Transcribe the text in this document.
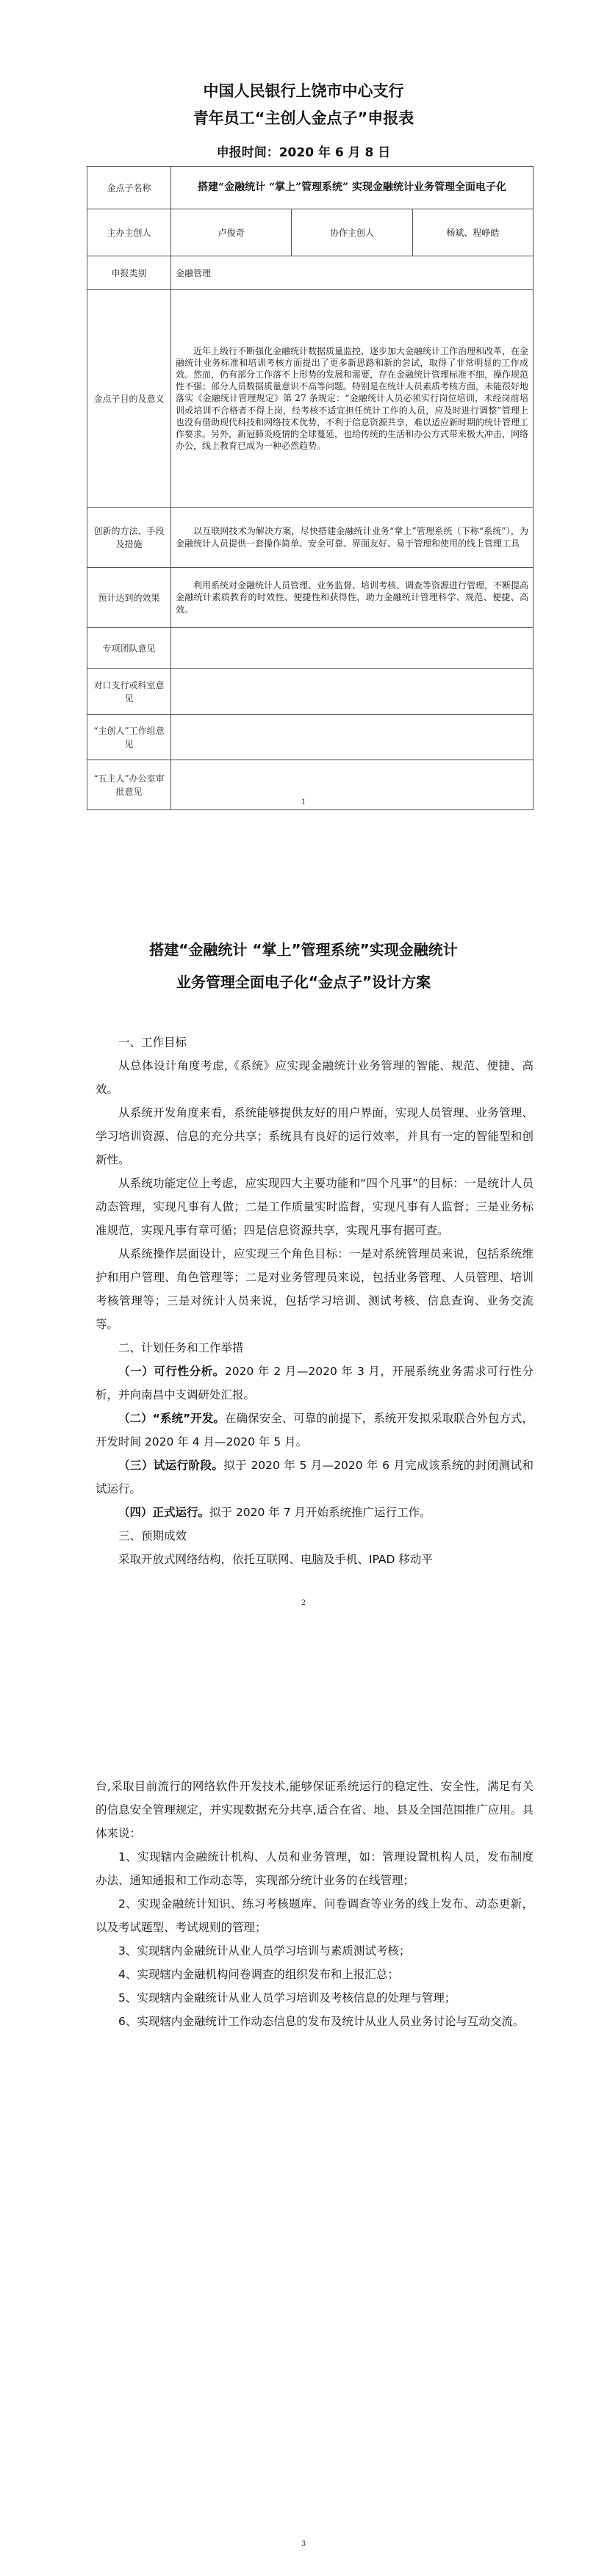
中国人民银行上饶市中心支行
青年员工“主创人金点子”申报表
申报时间：2020 年 6 月 8 日
金点子名称	搭建“金融统计 “掌上”管理系统” 实现金融统计业务管理全面电子化		
主办主创人	卢俊奇	协作主创人	杨斌、程峥皓
申报类别	金融管理		
金点子目的及意义	近年上级行不断强化金融统计数据质量监控，逐步加大金融统计工作治理和改革，在金融统计业务标准和培训考核方面提出了更多新思路和新的尝试，取得了非常明显的工作成效。然而，仍有部分工作落不上形势的发展和需要，存在金融统计管理标准不细，操作规范性不强；部分人员数据质量意识不高等问题。特别是在统计人员素质考核方面，未能很好地落实《金融统计管理规定》第 27 条规定：“金融统计人员必须实行岗位培训，未经岗前培训或培训不合格者不得上岗，经考核不适宜担任统计工作的人员，应及时进行调整”管理上也没有借助现代科技和网络技术优势，不利于信息资源共享，难以适应新时期的统计管理工作要求。另外，新冠肺炎疫情的全球蔓延，也给传统的生活和办公方式带来极大冲击，网络办公，线上教育已成为一种必然趋势。		
创新的方法、手段及措施	以互联网技术为解决方案，尽快搭建金融统计业务“掌上”管理系统（下称“系统”），为金融统计人员提供一套操作简单、安全可靠、界面友好、易于管理和使用的线上管理工具		
预计达到的效果	利用系统对金融统计人员管理、业务监督、培训考核、调查等资源进行管理，不断提高金融统计素质教育的时效性、便捷性和获得性，助力金融统计管理科学、规范、便捷、高效。		
专项团队意见			
对口支行或科室意见			
“主创人”工作组意见			
“五主人”办公室审批意见			
1
搭建“金融统计 “掌上”管理系统”实现金融统计
业务管理全面电子化“金点子”设计方案

一、工作目标

从总体设计角度考虑,《系统》应实现金融统计业务管理的智能、规范、便捷、高效。

从系统开发角度来看，系统能够提供友好的用户界面，实现人员管理、业务管理、学习培训资源、信息的充分共享；系统具有良好的运行效率，并具有一定的智能型和创新性。

从系统功能定位上考虑，应实现四大主要功能和“四个凡事”的目标：一是统计人员动态管理，实现凡事有人做；二是工作质量实时监督，实现凡事有人监督；三是业务标准规范，实现凡事有章可循；四是信息资源共享，实现凡事有据可查。

从系统操作层面设计，应实现三个角色目标：一是对系统管理员来说，包括系统维护和用户管理、角色管理等；二是对业务管理员来说，包括业务管理、人员管理、培训考核管理等；三是对统计人员来说，包括学习培训、测试考核、信息查询、业务交流等。

二、计划任务和工作举措

（一）可行性分析。2020 年 2 月—2020 年 3 月，开展系统业务需求可行性分析，并向南昌中支调研处汇报。

（二）“系统”开发。在确保安全、可靠的前提下，系统开发拟采取联合外包方式，开发时间 2020 年 4 月—2020 年 5 月。

（三）试运行阶段。拟于 2020 年 5 月—2020 年 6 月完成该系统的封闭测试和试运行。

（四）正式运行。拟于 2020 年 7 月开始系统推广运行工作。

三、预期成效

采取开放式网络结构，依托互联网、电脑及手机、IPAD 移动平

2

台,采取目前流行的网络软件开发技术,能够保证系统运行的稳定性、安全性，满足有关的信息安全管理规定，并实现数据充分共享,适合在省、地、县及全国范围推广应用。具体来说：

1、实现辖内金融统计机构、人员和业务管理，如：管理设置机构人员，发布制度办法、通知通报和工作动态等，实现部分统计业务的在线管理；

2、实现金融统计知识、练习考核题库、问卷调查等业务的线上发布、动态更新，以及考试题型、考试规则的管理；

3、实现辖内金融统计从业人员学习培训与素质测试考核；

4、实现辖内金融机构问卷调查的组织发布和上报汇总；

5、实现辖内金融统计从业人员学习培训及考核信息的处理与管理；

6、实现辖内金融统计工作动态信息的发布及统计从业人员业务讨论与互动交流。

3
